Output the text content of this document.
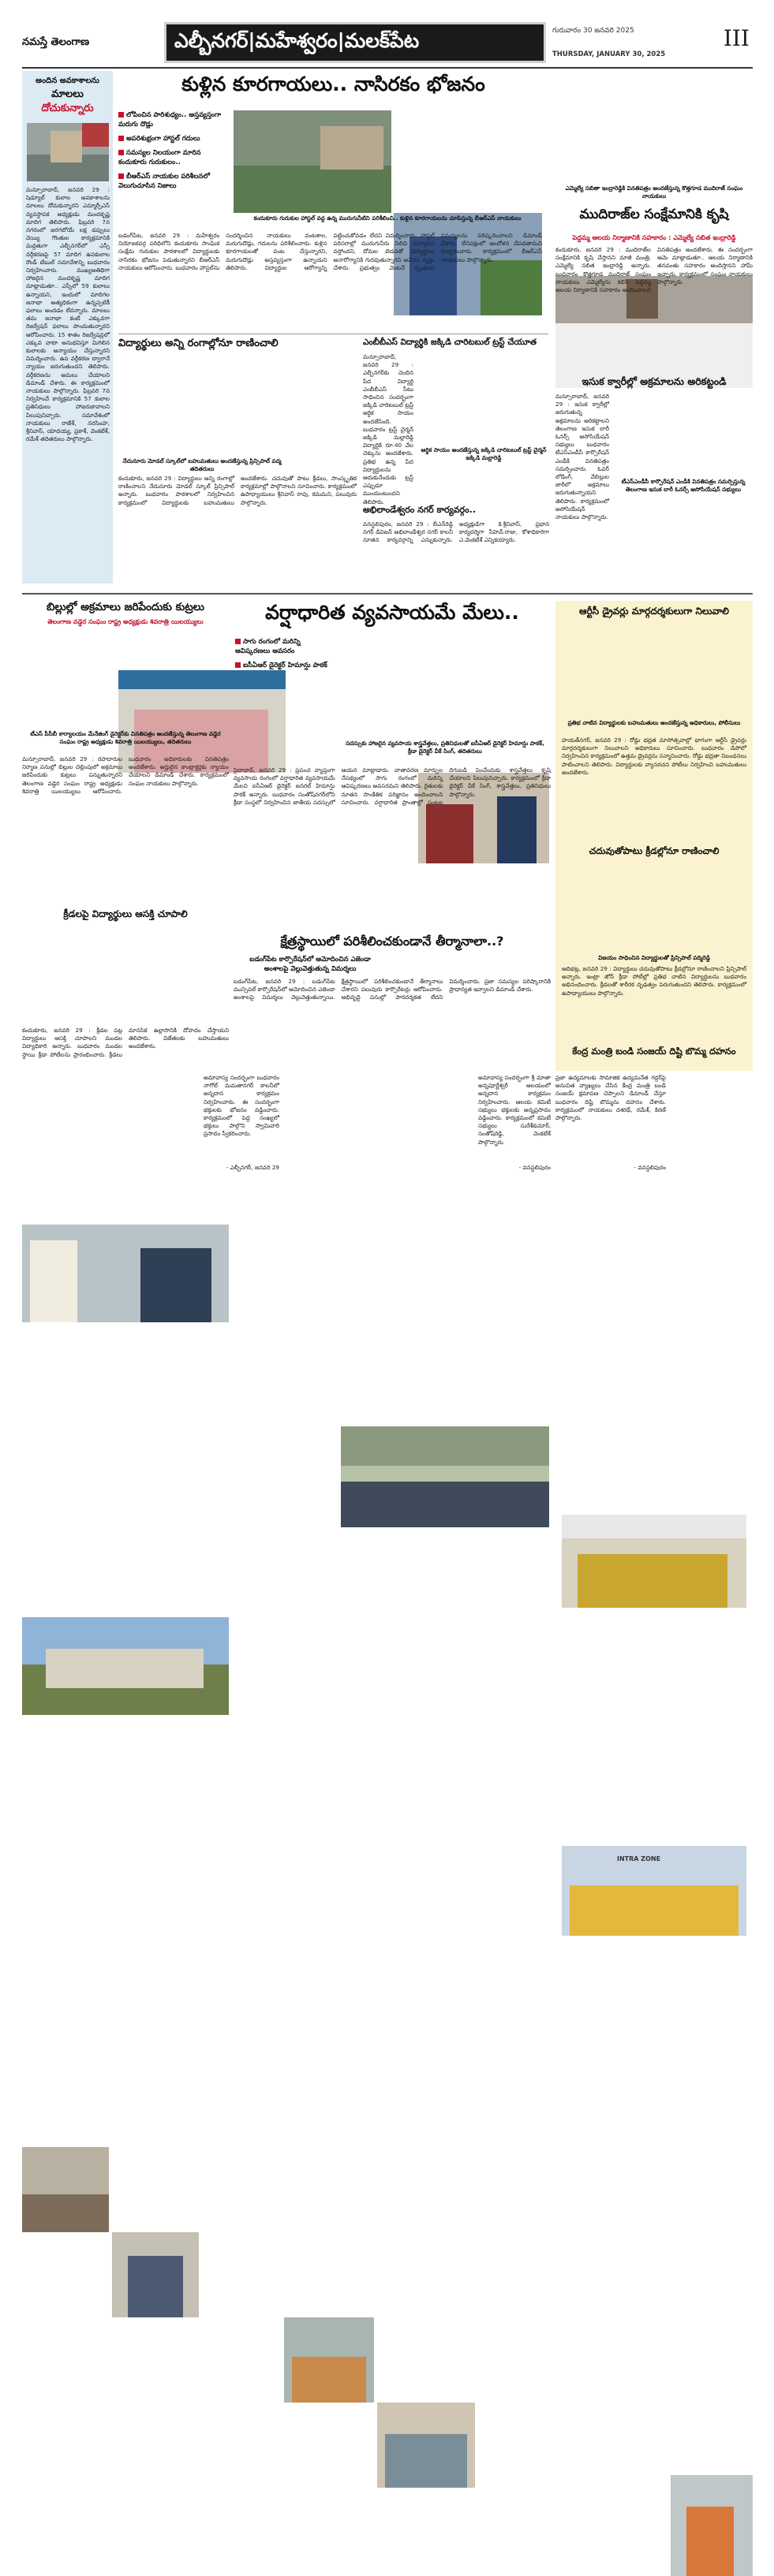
నమస్తే తెలంగాణ	ఎల్బీనగర్|మహేశ్వరం|మలక్‌పేట	గురువారం 30 జనవరి 2025
THURSDAY, JANUARY 30, 2025
III
అందిన అవకాశాలను
మాలలు
దోచుకున్నారు
మన్సూరాబాద్, జనవరి 29 : షెడ్యూల్ కులాల అవకాశాలను మాలలు దోచుకున్నారని ఎమ్మార్పీఎస్ వ్యవస్థాపక అధ్యక్షుడు మందకృష్ణ మాదిగ తెలిపారు. ఫిబ్రవరి 7న నగరంలో జరగబోయే లక్ష డప్పులు వెయ్యి గొంతుల కార్యక్రమానికి మద్దతుగా ఎల్బీనగర్‌లో ఎస్సీ వర్గీకరణపై 57 మాదిగ ఉపకులాల రౌండ్ టేబుల్ సమావేశాన్ని బుధవారం నిర్వహించారు. ముఖ్యఅతిథిగా హాజరైన మందకృష్ణ మాదిగ మాట్లాడుతూ.. ఎస్సీలో 59 కులాలు ఉన్నాయని, ఇందులో మాదిగల జనాభా అత్యధికంగా ఉన్నప్పటికీ ఫలాలు అందడం లేదన్నారు. మాలలు తమ జనాభా కంటే ఎక్కువగా రిజర్వేషన్ ఫలాలు పొందుతున్నారని ఆరోపించారు. 15 శాతం రిజర్వేషన్లలో ఎక్కువ వాటా అనుభవిస్తూ మిగిలిన కులాలకు అన్యాయం చేస్తున్నారని విమర్శించారు. ఉప వర్గీకరణ ద్వారానే న్యాయం జరుగుతుందని తెలిపారు. వర్గీకరణను అమలు చేయాలని డిమాండ్ చేశారు. ఈ కార్యక్రమంలో నాయకులు పాల్గొన్నారు. ఫిబ్రవరి 7న నిర్వహించే కార్యక్రమానికి 57 కులాల ప్రతినిధులు హాజరుకావాలని పిలుపునిచ్చారు. సమావేశంలో నాయకులు రాజేశ్, నరసింహ, శ్రీనివాస్, యాదయ్య, ప్రకాశ్, వెంకటేశ్, రమేశ్ తదితరులు పాల్గొన్నారు.
కుళ్లిన కూరగాయలు.. నాసిరకం భోజనం
లోపించిన పారిశుధ్యం.. అస్తవ్యస్తంగా మరుగు దొడ్లు
అపరిశుభ్రంగా హాస్టల్ గదులు
సమస్యల నిలయంగా మారిన కందుకూరు గురుకులం..
బీఆర్ఎస్ నాయకుల పరిశీలనలో వెలుగుచూసిన నిజాలు
కందుకూరు గురుకుల హాస్టల్ వద్ద ఉన్న మురుగునీటిని పరిశీలించి.. కుళ్లిన కూరగాయలను చూపిస్తున్న బీఆర్ఎస్ నాయకులు
బడంగ్‌పేట, జనవరి 29 : మహేశ్వరం నియోజకవర్గ పరిధిలోని కందుకూరు సాంఘిక సంక్షేమ గురుకుల పాఠశాలలో విద్యార్థులకు నాసిరకం భోజనం పెడుతున్నారని బీఆర్ఎస్ నాయకులు ఆరోపించారు. బుధవారం హాస్టల్‌ను సందర్శించిన నాయకులు వంటశాల, మరుగుదొడ్లు, గదులను పరిశీలించారు. కుళ్లిన కూరగాయలతో వంట చేస్తున్నారని, మరుగుదొడ్లు అస్తవ్యస్తంగా ఉన్నాయని తెలిపారు. విద్యార్థుల ఆరోగ్యాన్ని పట్టించుకోవడం లేదని విమర్శించారు. హాస్టల్ పరిసరాల్లో మురుగునీరు నిలిచి దుర్వాసన వస్తోందని, దోమల బెడదతో విద్యార్థులు అనారోగ్యానికి గురవుతున్నారని ఆవేదన వ్యక్తం చేశారు. ప్రభుత్వం వెంటనే స్పందించి సమస్యలను పరిష్కరించాలని డిమాండ్ చేశారు. లేనిపక్షంలో ఆందోళన చేపడతామని హెచ్చరించారు. కార్యక్రమంలో బీఆర్ఎస్ నాయకులు పాల్గొన్నారు.
ఎమ్మెల్యే సబితా ఇంద్రారెడ్డికి వినతిపత్రం అందజేస్తున్న కొత్తగూడ ముదిరాజ్ సంఘం నాయకులు
ముదిరాజ్‌ల సంక్షేమానికి కృషి
పెద్దమ్మ ఆలయ నిర్మాణానికి సహకారం : ఎమ్మెల్యే సబిత ఇంద్రారెడ్డి
కందుకూరు, జనవరి 29 : ముదిరాజ్‌ల సంక్షేమానికి కృషి చేస్తానని మాజీ మంత్రి, ఎమ్మెల్యే సబిత ఇంద్రారెడ్డి అన్నారు. బుధవారం కొత్తగూడ ముదిరాజ్ సంఘం నాయకులు ఎమ్మెల్యేను కలిసి పెద్దమ్మ ఆలయ నిర్మాణానికి సహకారం అందించాలని వినతిపత్రం అందజేశారు. ఈ సందర్భంగా ఆమె మాట్లాడుతూ.. ఆలయ నిర్మాణానికి తనవంతు సహకారం అందిస్తానని హామీ ఇచ్చారు. కార్యక్రమంలో సంఘం నాయకులు పాల్గొన్నారు.
విద్యార్థులు అన్ని రంగాల్లోనూ రాణించాలి
నేదునూరు మోడల్ స్కూల్‌లో బహుమతులు అందజేస్తున్న ప్రిన్సిపాల్ పద్మ తదితరులు
కందుకూరు, జనవరి 29 : విద్యార్థులు అన్ని రంగాల్లో రాణించాలని నేదునూరు మోడల్ స్కూల్ ప్రిన్సిపాల్ అన్నారు. బుధవారం పాఠశాలలో నిర్వహించిన కార్యక్రమంలో విద్యార్థులకు బహుమతులు అందజేశారు. చదువుతో పాటు క్రీడలు, సాంస్కృతిక కార్యక్రమాల్లో పాల్గొనాలని సూచించారు. కార్యక్రమంలో ఉపాధ్యాయులు శ్రీనివాస్ రావు, కమమని, పలువురు పాల్గొన్నారు.
ఎంబీబీఎస్ విద్యార్థికి జక్కిడి చారిటబుల్ ట్రస్ట్ చేయూత
మన్సూరాబాద్, జనవరి 29 : ఎల్బీనగర్‌కు చెందిన పేద విద్యార్థి ఎంబీబీఎస్ సీటు సాధించిన సందర్భంగా జక్కిడి చారిటబుల్ ట్రస్ట్ ఆర్థిక సాయం అందజేసింది. బుధవారం ట్రస్ట్ చైర్మన్ జక్కిడి మల్లారెడ్డి విద్యార్థికి రూ.40 వేల చెక్కును అందజేశారు. ప్రతిభ ఉన్న పేద విద్యార్థులను ఆదుకునేందుకు ట్రస్ట్ ఎప్పుడూ ముందుంటుందని తెలిపారు.
ఆర్థిక సాయం అందజేస్తున్న జక్కిడి చారిటబుల్ ట్రస్ట్ చైర్మన్ జక్కిడి మల్లారెడ్డి
అభిలాండేశ్వరం నగర్ కార్యవర్గం..
వనస్థలిపురం, జనవరి 29 : బీఎన్‌రెడ్డి నగర్ డివిజన్ అభిలాండేశ్వర నగర్ కాలనీ నూతన కార్యవర్గాన్ని ఎన్నుకున్నారు. అధ్యక్షుడిగా కె.శ్రీనివాస్, ప్రధాన కార్యదర్శిగా సీహెచ్.రాజు, కోశాధికారిగా ఎ.వెంకటేశ్ ఎన్నికయ్యారు.
ఇసుక క్వారీల్లో అక్రమాలను అరికట్టండి
మన్సూరాబాద్, జనవరి 29 : ఇసుక క్వారీల్లో జరుగుతున్న అక్రమాలను అరికట్టాలని తెలంగాణ ఇసుక లారీ ఓనర్స్ అసోసియేషన్ సభ్యులు బుధవారం టీఎస్ఎండీసీ కార్పొరేషన్ ఎండీకి వినతిపత్రం సమర్పించారు. ఓవర్ లోడింగ్, వేబిల్లుల జారీలో అక్రమాలు జరుగుతున్నాయని తెలిపారు. కార్యక్రమంలో అసోసియేషన్ నాయకులు పాల్గొన్నారు.
టీఎస్ఎండీసీ కార్పొరేషన్ ఎండీకి వినతిపత్రం సమర్పిస్తున్న తెలంగాణ ఇసుక లారీ ఓనర్స్ అసోసియేషన్ సభ్యులు
బిల్లుల్లో అక్రమాలు జరిపేందుకు కుట్రలు
తెలంగాణ వడ్డెర సంఘం రాష్ట్ర అధ్యక్షుడు శివరాత్రి యిలయ్యులు
టీఎస్ పీసీబీ కార్యాలయం మేనేజింగ్ డైరెక్టర్‌కు వినతిపత్రం అందజేస్తున్న తెలంగాణ వడ్డెర సంఘం రాష్ట్ర అధ్యక్షుడు శివరాత్రి యిలయ్యులు, తదితరులు
మన్సూరాబాద్, జనవరి 29 : రహదారుల నిర్మాణ పనుల్లో బిల్లుల చెల్లింపులో అక్రమాలు జరిపేందుకు కుట్రలు పన్నుతున్నారని తెలంగాణ వడ్డెర సంఘం రాష్ట్ర అధ్యక్షుడు శివరాత్రి యిలయ్యులు ఆరోపించారు. బుధవారం అధికారులకు వినతిపత్రం అందజేశారు. అర్హులైన కాంట్రాక్టర్లకు న్యాయం చేయాలని డిమాండ్ చేశారు. కార్యక్రమంలో సంఘం నాయకులు పాల్గొన్నారు.
క్రీడలపై విద్యార్థులు ఆసక్తి చూపాలి
కందుకూరు, జనవరి 29 : క్రీడల పట్ల విద్యార్థులు ఆసక్తి చూపాలని మండల విద్యాధికారి అన్నారు. బుధవారం మండల స్థాయి క్రీడా పోటీలను ప్రారంభించారు. క్రీడలు మానసిక ఉల్లాసానికి దోహదం చేస్తాయని తెలిపారు. విజేతలకు బహుమతులు అందజేశారు.
వర్షాధారిత వ్యవసాయమే మేలు..
సాగు రంగంలో మరిన్ని ఆవిష్కరణలు అవసరం
ఐసీఏఆర్ డైరెక్టర్ హిమాన్షు పాఠక్
సదస్సుకు హాజరైన వ్యవసాయ శాస్త్రవేత్తలు, ప్రతినిధులతో ఐసీఏఆర్ డైరెక్టర్ హిమాన్షు పాఠక్, క్రీడా డైరెక్టర్ వీకే సింగ్, తదితరులు
సైదాబాద్, జనవరి 29 : ప్రపంచ వ్యాప్తంగా వ్యవసాయ రంగంలో వర్షాధారిత వ్యవసాయమే మేలని ఐసీఏఆర్ డైరెక్టర్ జనరల్ హిమాన్షు పాఠక్ అన్నారు. బుధవారం సంతోష్‌నగర్‌లోని క్రీడా సంస్థలో నిర్వహించిన జాతీయ సదస్సులో ఆయన మాట్లాడారు. వాతావరణ మార్పుల నేపథ్యంలో సాగు రంగంలో మరిన్ని ఆవిష్కరణలు అవసరమని తెలిపారు. రైతులకు నూతన సాంకేతిక పరిజ్ఞానం అందించాలని సూచించారు. వర్షాధారిత ప్రాంతాల్లో పంటల దిగుబడి పెంచేందుకు శాస్త్రవేత్తలు కృషి చేయాలని పిలుపునిచ్చారు. కార్యక్రమంలో క్రీడా డైరెక్టర్ వీకే సింగ్, శాస్త్రవేత్తలు, ప్రతినిధులు పాల్గొన్నారు.
క్షేత్రస్థాయిలో పరిశీలించకుండానే తీర్మానాలా..?
బడంగ్‌పేట కార్పొరేషన్‌లో ఆమోదించిన ఎజెండా అంశాలపై వెల్లువెత్తుతున్న విమర్శలు
బడంగ్‌పేట, జనవరి 29 : బడంగ్‌పేట మున్సిపల్ కార్పొరేషన్‌లో ఆమోదించిన ఎజెండా అంశాలపై విమర్శలు వెల్లువెత్తుతున్నాయి. క్షేత్రస్థాయిలో పరిశీలించకుండానే తీర్మానాలు చేశారని పలువురు కార్పొరేటర్లు ఆరోపించారు. అభివృద్ధి పనుల్లో పారదర్శకత లేదని విమర్శించారు. ప్రజా సమస్యల పరిష్కారానికి ప్రాధాన్యత ఇవ్వాలని డిమాండ్ చేశారు.
ఆర్టీసీ డ్రైవర్లు మార్గదర్శకులుగా నిలువాలి
ప్రతిభ చాటిన విద్యార్థులకు బహుమతులు అందజేస్తున్న అధికారులు, పోలీసులు
హయత్‌నగర్, జనవరి 29 : రోడ్డు భద్రత మాసోత్సవాల్లో భాగంగా ఆర్టీసీ డ్రైవర్లు మార్గదర్శకులుగా నిలువాలని అధికారులు సూచించారు. బుధవారం డిపోలో నిర్వహించిన కార్యక్రమంలో ఉత్తమ డ్రైవర్లను సన్మానించారు. రోడ్డు భద్రతా నిబంధనలు పాటించాలని తెలిపారు. విద్యార్థులకు వ్యాసరచన పోటీలు నిర్వహించి బహుమతులు అందజేశారు.
చదువుతోపాటు క్రీడల్లోనూ రాణించాలి
INTRA ZONE
విజయం సాధించిన విద్యార్థులతో ప్రిన్సిపాల్ పద్మిరెడ్డి
ఆదిభట్ల, జనవరి 29 : విద్యార్థులు చదువుతోపాటు క్రీడల్లోనూ రాణించాలని ప్రిన్సిపాల్ అన్నారు. ఇంట్రా జోన్ క్రీడా పోటీల్లో ప్రతిభ చాటిన విద్యార్థులను బుధవారం అభినందించారు. క్రీడలతో శారీరక దృఢత్వం పెరుగుతుందని తెలిపారు. కార్యక్రమంలో ఉపాధ్యాయులు పాల్గొన్నారు.
కేంద్ర మంత్రి బండి సంజయ్ దిష్టి బొమ్మ దహనం
అమావాస్య సందర్భంగా బుధవారం నాగోల్ మమతానగర్ కాలనీలో అన్నదాన కార్యక్రమం నిర్వహించారు. ఈ సందర్భంగా భక్తులకు భోజనం వడ్డించారు. కార్యక్రమంలో పెద్ద సంఖ్యలో భక్తులు పాల్గొని స్వామివారి ప్రసాదం స్వీకరించారు.
- ఎల్బీనగర్, జనవరి 29
అమావాస్య సందర్భంగా శ్రీ మాతా అన్నపూర్ణేశ్వరీ ఆలయంలో అన్నదాన కార్యక్రమం నిర్వహించారు. ఆలయ కమిటీ సభ్యులు భక్తులకు అన్నప్రసాదం వడ్డించారు. కార్యక్రమంలో కమిటీ సభ్యులు సురేశ్‌కుమార్, సంతోష్‌రెడ్డి, వెంకటేశ్ పాల్గొన్నారు.
- వనస్థలిపురం
ప్రజా ఉద్యమాలకు సామాజిక ఉద్యమనేత గద్దర్‌పై అనుచిత వ్యాఖ్యలు చేసిన కేంద్ర మంత్రి బండి సంజయ్ క్షమాపణ చెప్పాలని డిమాండ్ చేస్తూ బుధవారం దిష్టి బొమ్మను దహనం చేశారు. కార్యక్రమంలో నాయకులు దశరథ్, రమేశ్, కిరణ్ పాల్గొన్నారు.
- వనస్థలిపురం
